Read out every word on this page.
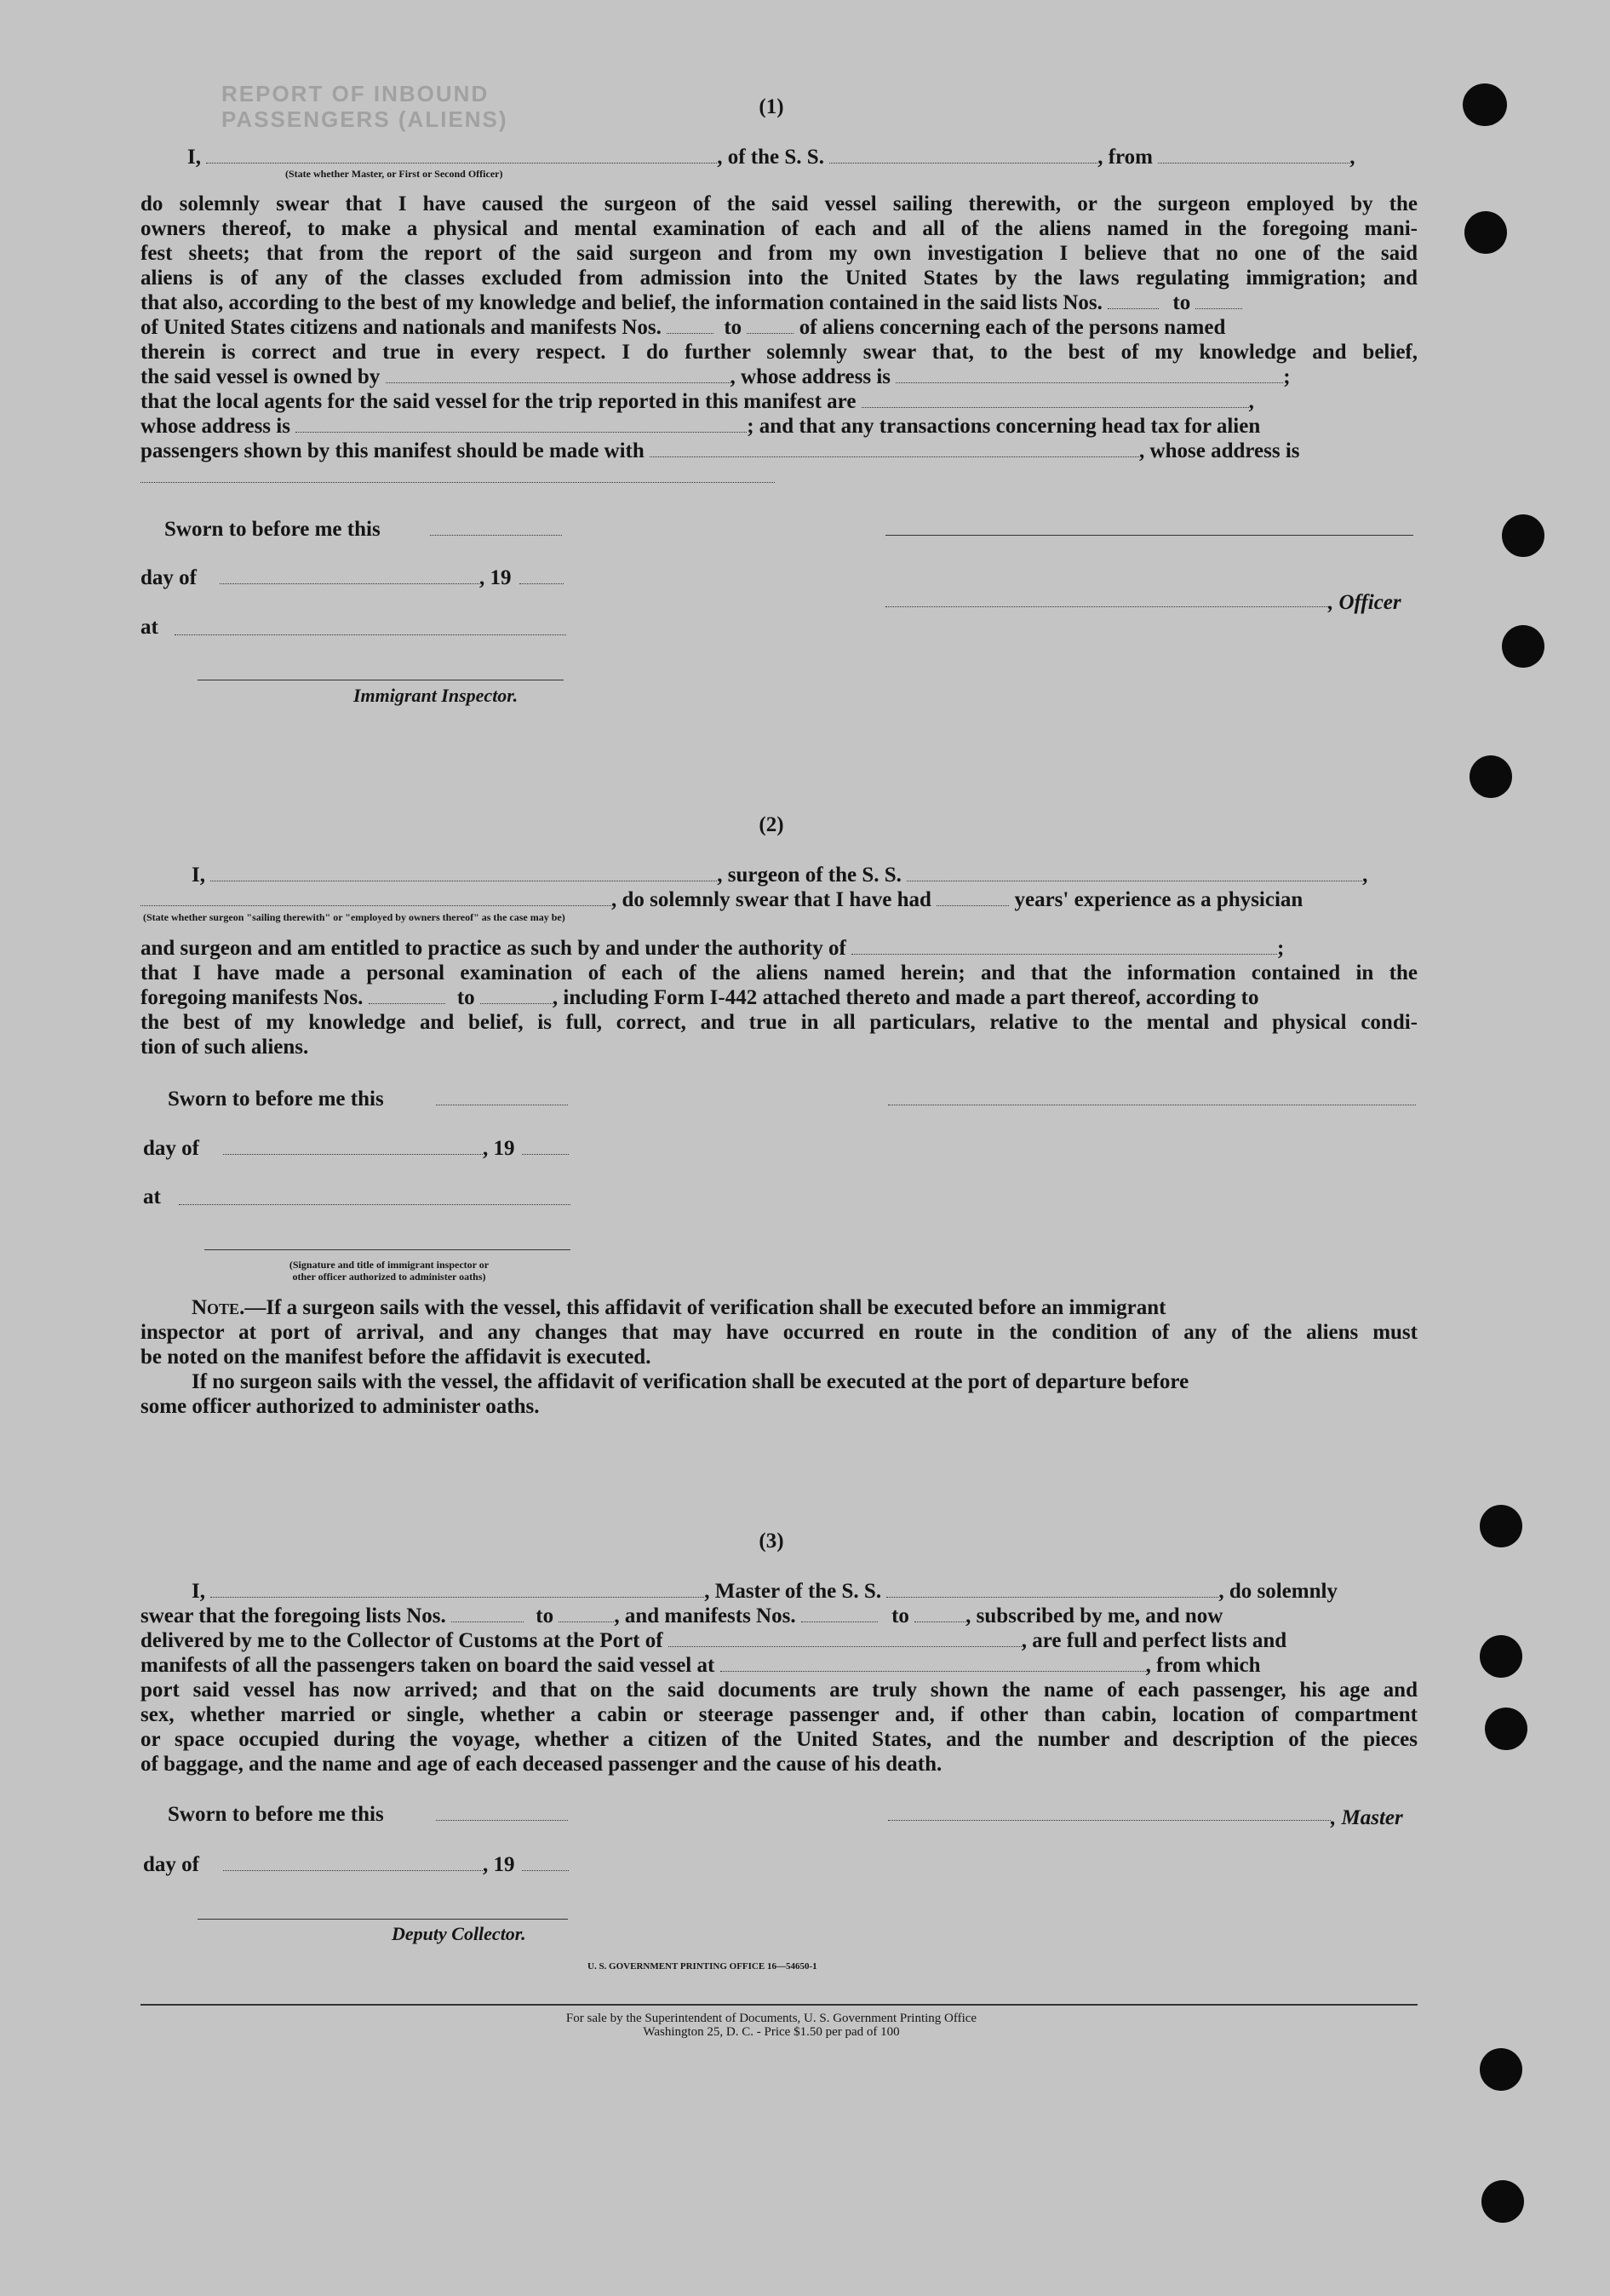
REPORT OF INBOUND PASSENGERS (ALIENS)	(1)
I,	, of the S. S.	, from	,
(State whether Master, or First or Second Officer)
do solemnly swear that I have caused the surgeon of the said vessel sailing therewith, or the surgeon employed by the
owners thereof, to make a physical and mental examination of each and all of the aliens named in the foregoing mani-
fest sheets; that from the report of the said surgeon and from my own investigation I believe that no one of the said
aliens is of any of the classes excluded from admission into the United States by the laws regulating immigration; and
that also, according to the best of my knowledge and belief, the information contained in the said lists Nos.	to
of United States citizens and nationals and manifests Nos.	to	of aliens concerning each of the persons named
therein is correct and true in every respect. I do further solemnly swear that, to the best of my knowledge and belief,
the said vessel is owned by	, whose address is	;
that the local agents for the said vessel for the trip reported in this manifest are	,
whose address is	; and that any transactions concerning head tax for alien
passengers shown by this manifest should be made with	, whose address is
Sworn to before me this
day of	, 19
, Officer
at
Immigrant Inspector.
(2)
I,	, surgeon of the S. S.	,
, do solemnly swear that I have had	years' experience as a physician
(State whether surgeon "sailing therewith" or "employed by owners thereof" as the case may be)
and surgeon and am entitled to practice as such by and under the authority of	;
that I have made a personal examination of each of the aliens named herein; and that the information contained in the
foregoing manifests Nos.	to	, including Form I-442 attached thereto and made a part thereof, according to
the best of my knowledge and belief, is full, correct, and true in all particulars, relative to the mental and physical condi-
tion of such aliens.
Sworn to before me this
day of	, 19
at
(Signature and title of immigrant inspector or
other officer authorized to administer oaths)
Note.—If a surgeon sails with the vessel, this affidavit of verification shall be executed before an immigrant
inspector at port of arrival, and any changes that may have occurred en route in the condition of any of the aliens must
be noted on the manifest before the affidavit is executed.
If no surgeon sails with the vessel, the affidavit of verification shall be executed at the port of departure before
some officer authorized to administer oaths.
(3)
I,	, Master of the S. S.	, do solemnly
swear that the foregoing lists Nos.	to	, and manifests Nos.	to	, subscribed by me, and now
delivered by me to the Collector of Customs at the Port of	, are full and perfect lists and
manifests of all the passengers taken on board the said vessel at	, from which
port said vessel has now arrived; and that on the said documents are truly shown the name of each passenger, his age and
sex, whether married or single, whether a cabin or steerage passenger and, if other than cabin, location of compartment
or space occupied during the voyage, whether a citizen of the United States, and the number and description of the pieces
of baggage, and the name and age of each deceased passenger and the cause of his death.
Sworn to before me this	, Master
day of	, 19
Deputy Collector.
U. S. GOVERNMENT PRINTING OFFICE 16—54650-1
For sale by the Superintendent of Documents, U. S. Government Printing Office
Washington 25, D. C. - Price $1.50 per pad of 100
